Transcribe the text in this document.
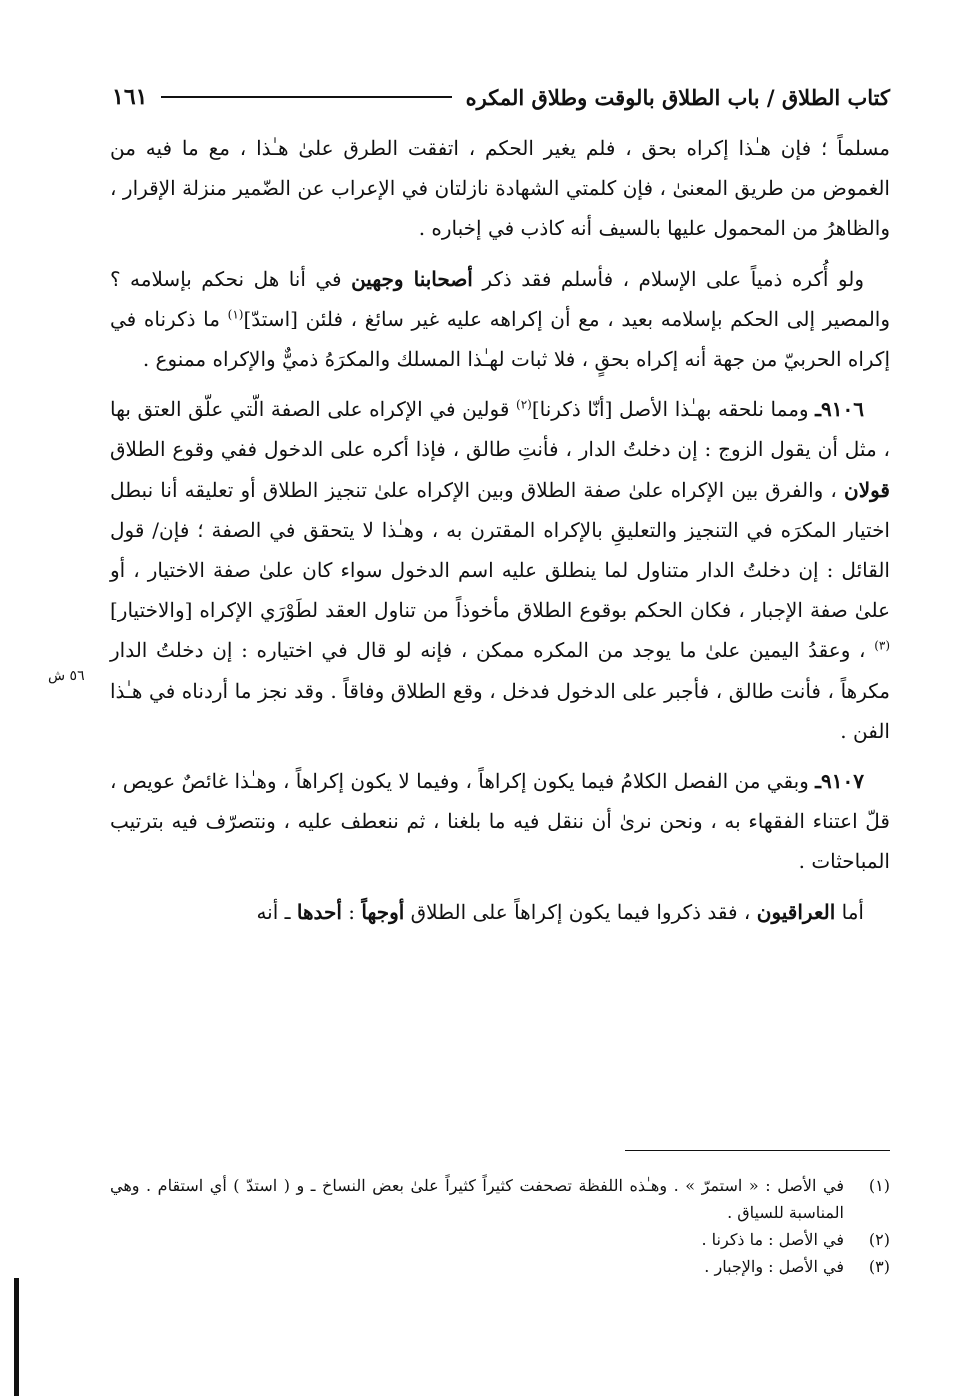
كتاب الطلاق / باب الطلاق بالوقت وطلاق المكره
١٦١

مسلماً ؛ فإن هـٰذا إكراه بحق ، فلم يغير الحكم ، اتفقت الطرق علىٰ هـٰذا ، مع ما فيه من الغموض من طريق المعنىٰ ، فإن كلمتي الشهادة نازلتان في الإعراب عن الضّمير منزلة الإقرار ، والظاهرُ من المحمول عليها بالسيف أنه كاذب في إخباره .

ولو أُكره ذمياً على الإسلام ، فأسلم فقد ذكر أصحابنا وجهين في أنا هل نحكم بإسلامه ؟ والمصير إلى الحكم بإسلامه بعيد ، مع أن إكراهه عليه غير سائغ ، فلئن [استدّ]$^{(١)}$ ما ذكرناه في إكراه الحربيّ من جهة أنه إكراه بحقٍ ، فلا ثبات لهـٰذا المسلك والمكرَهُ ذميٌّ والإكراه ممنوع .

٩١٠٦ـ ومما نلحقه بهـٰذا الأصل [أنّا ذكرنا]$^{(٢)}$ قولين في الإكراه على الصفة الّتي علّق العتق بها ، مثل أن يقول الزوج : إن دخلتُ الدار ، فأنتِ طالق ، فإذا أكره على الدخول ففي وقوع الطلاق قولان ، والفرق بين الإكراه علىٰ صفة الطلاق وبين الإكراه علىٰ تنجيز الطلاق أو تعليقه أنا نبطل اختيار المكرَه في التنجيز والتعليقِ بالإكراه المقترن به ، وهـٰذا لا يتحقق في الصفة ؛ فإن/ قول القائل : إن دخلتُ الدار متناول لما ينطلق عليه اسم الدخول سواء كان علىٰ صفة الاختيار ، أو علىٰ صفة الإجبار ، فكان الحكم بوقوع الطلاق مأخوذاً من تناول العقد لطَوْرَي الإكراه [والاختيار]$^{(٣)}$ ، وعقدُ اليمين علىٰ ما يوجد من المكره ممكن ، فإنه لو قال في اختياره : إن دخلتُ الدار مكرهاً ، فأنت طالق ، فأجبر على الدخول فدخل ، وقع الطلاق وفاقاً . وقد نجز ما أردناه في هـٰذا الفن .

٩١٠٧ـ وبقي من الفصل الكلامُ فيما يكون إكراهاً ، وفيما لا يكون إكراهاً ، وهـٰذا غائصٌ عويص ، قلّ اعتناء الفقهاء به ، ونحن نرىٰ أن ننقل فيه ما بلغنا ، ثم ننعطف عليه ، ونتصرّف فيه بترتيب المباحثات .

أما العراقيون ، فقد ذكروا فيما يكون إكراهاً على الطلاق أوجهاً : أحدها ـ أنه

٥٦ ش
(١)
في الأصل : « استمرّ » . وهـٰذه اللفظة تصحفت كثيراً كثيراً علىٰ بعض النساخ ـ و ( استدّ ) أي استقام . وهي المناسبة للسياق .
(٢)
في الأصل : ما ذكرنا .
(٣)
في الأصل : والإجبار .
